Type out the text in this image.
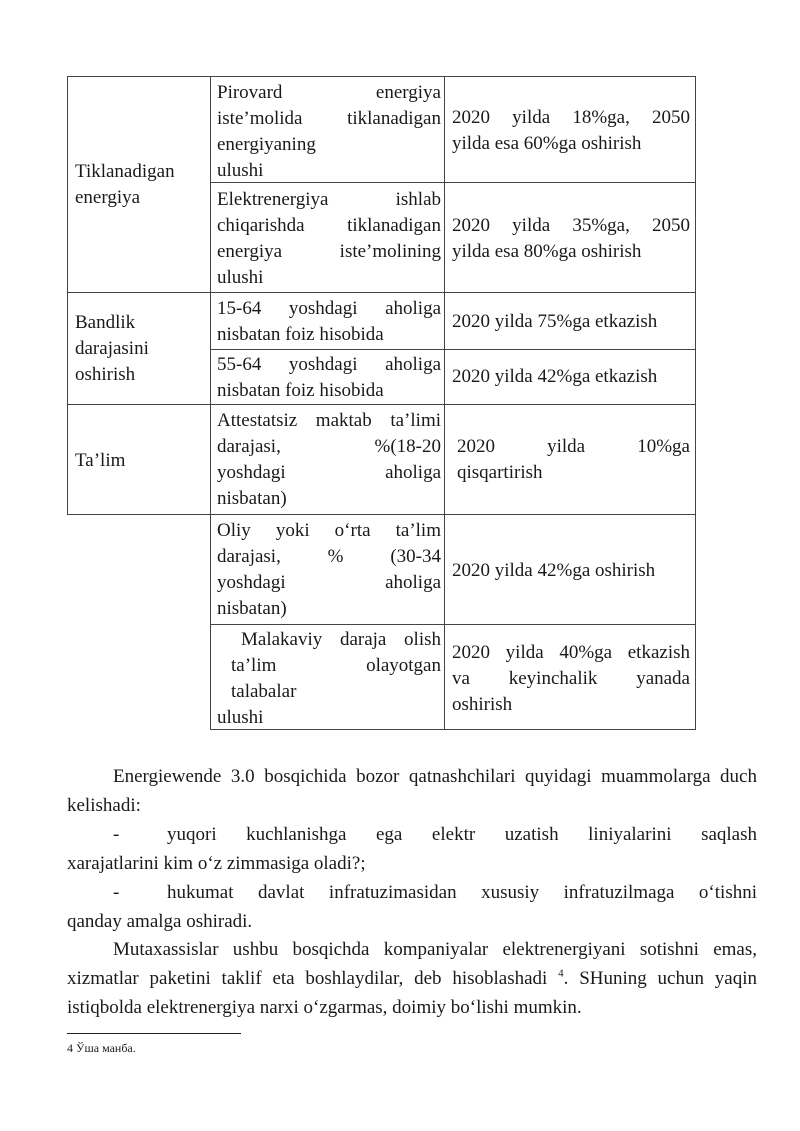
Tiklanadigan
energiya
Bandlik
darajasini
oshirish
Ta’lim
Pirovard energiya
iste’molida tiklanadigan
energiyaning
ulushi
2020 yilda 18%ga, 2050
yilda esa 60%ga oshirish
Elektrenergiya ishlab
chiqarishda tiklanadigan
energiya iste’molining
ulushi
2020 yilda 35%ga, 2050
yilda esa 80%ga oshirish
15-64 yoshdagi aholiga
nisbatan foiz hisobida
2020 yilda 75%ga etkazish
55-64 yoshdagi aholiga
nisbatan foiz hisobida
2020 yilda 42%ga etkazish
Attestatsiz maktab ta’limi
darajasi, %(18-20
yoshdagi aholiga
nisbatan)
2020 yilda 10%ga
qisqartirish
Oliy yoki o‘rta ta’lim
darajasi, % (30-34
yoshdagi aholiga
nisbatan)
2020 yilda 42%ga oshirish
Malakaviy daraja olish
ta’lim olayotgan
talabalar
ulushi
2020 yilda 40%ga etkazish
va keyinchalik yanada
oshirish
Energiewende 3.0 bosqichida bozor qatnashchilari quyidagi muammolarga duch kelishadi:
-	yuqori kuchlanishga ega elektr uzatish liniyalarini saqlash
xarajatlarini kim o‘z zimmasiga oladi?;
-	hukumat davlat infratuzimasidan xususiy infratuzilmaga o‘tishni
qanday amalga oshiradi.
Mutaxassislar ushbu bosqichda kompaniyalar elektrenergiyani sotishni emas, xizmatlar paketini taklif eta boshlaydilar, deb hisoblashadi $^4$. SHuning uchun yaqin istiqbolda elektrenergiya narxi o‘zgarmas, doimiy bo‘lishi mumkin.
4 Ўша манба.
